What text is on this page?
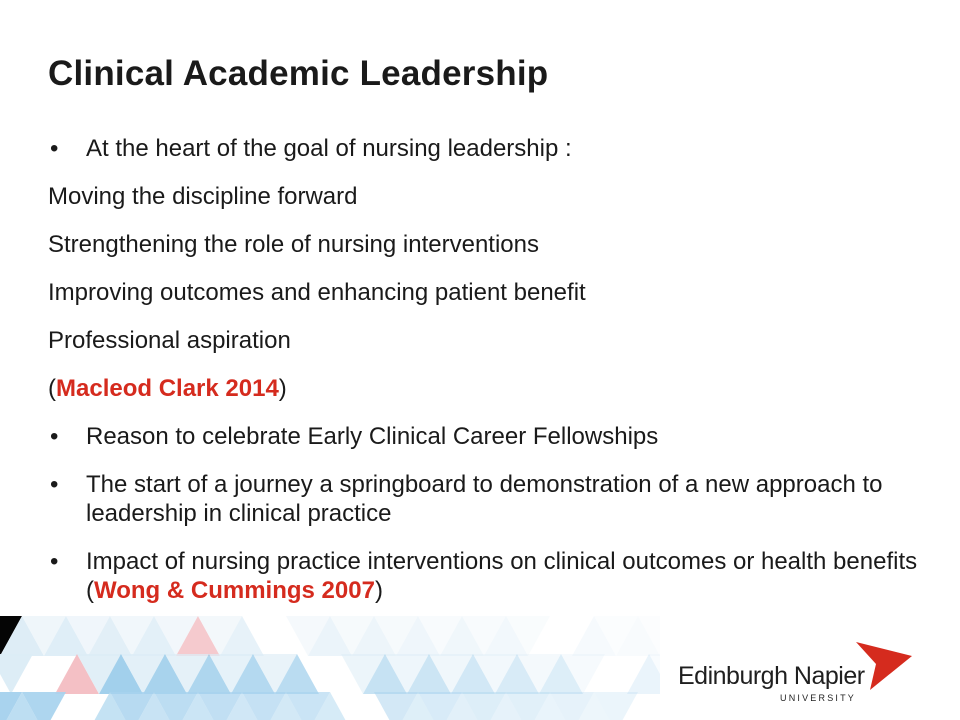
Clinical Academic Leadership
• At the heart of the goal of nursing leadership :
Moving the discipline forward
Strengthening the role of nursing interventions
Improving outcomes and enhancing patient benefit
Professional aspiration
(Macleod Clark 2014)
• Reason to celebrate Early Clinical Career Fellowships
• The start of a journey a springboard to demonstration of a new approach to leadership in clinical practice
• Impact of nursing practice interventions on clinical outcomes or health benefits (Wong & Cummings 2007)
Edinburgh Napier
UNIVERSITY
